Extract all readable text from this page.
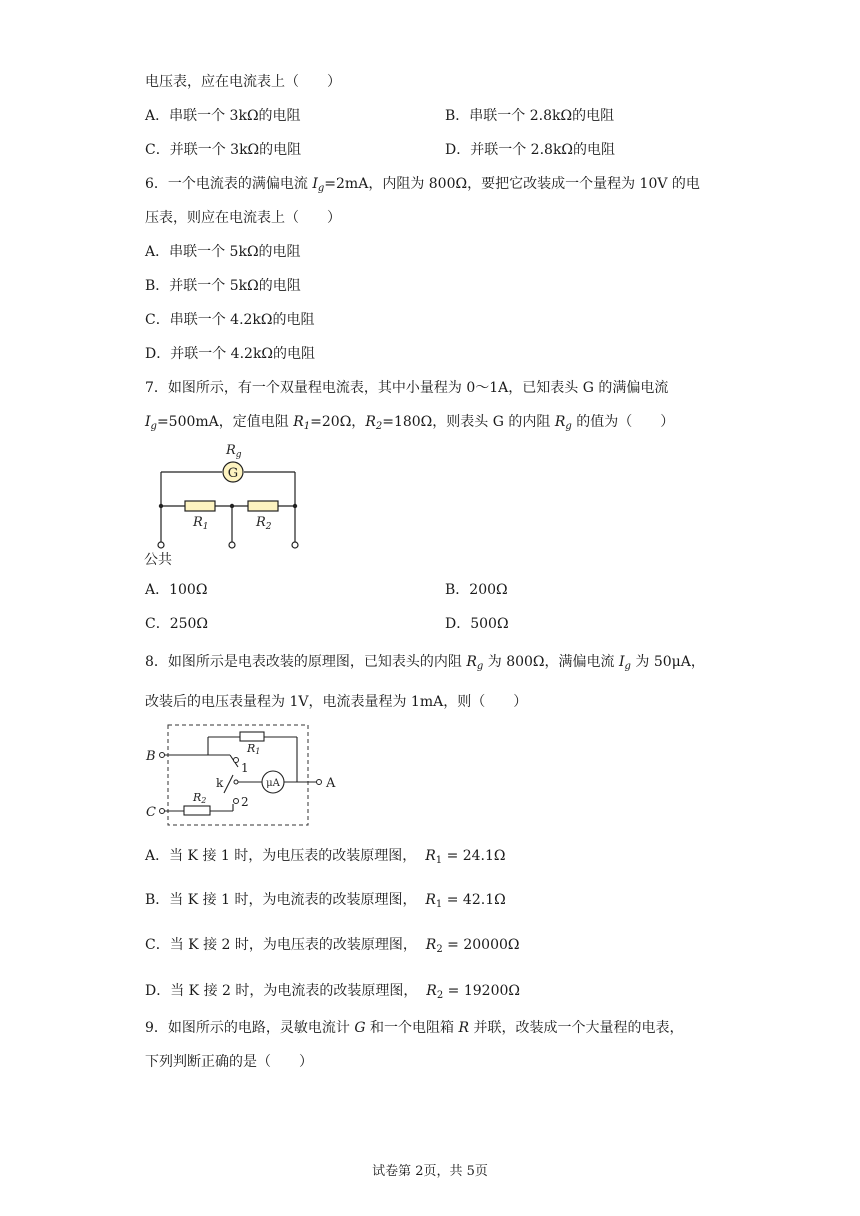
电压表，应在电流表上（　　）
A．串联一个 3kΩ的电阻	B．串联一个 2.8kΩ的电阻
C．并联一个 3kΩ的电阻	D．并联一个 2.8kΩ的电阻
6．一个电流表的满偏电流 $I_g=2mA$，内阻为 800Ω，要把它改装成一个量程为 10V 的电
压表，则应在电流表上（　　）
A．串联一个 5kΩ的电阻
B．并联一个 5kΩ的电阻
C．串联一个 4.2kΩ的电阻
D．并联一个 4.2kΩ的电阻
7．如图所示，有一个双量程电流表，其中小量程为 0～1A，已知表头 G 的满偏电流
$I_g=500mA$，定值电阻 $R_1=20\Omega$，$R_2=180\Omega$，则表头 G 的内阻 $R_g$ 的值为（　　）
G
$R_g$
$R_1$	$R_2$
公共
A．100Ω	B．200Ω
C．250Ω	D．500Ω
8．如图所示是电表改装的原理图，已知表头的内阻 $R_g$ 为 800Ω，满偏电流 $I_g$ 为 50μA，
改装后的电压表量程为 1V，电流表量程为 1mA，则（　　）
R1
R2
μA
B
C
A
k
1
2
A．当 K 接 1 时，为电压表的改装原理图， $R_1 = 24.1\Omega$
B．当 K 接 1 时，为电流表的改装原理图， $R_1 = 42.1\Omega$
C．当 K 接 2 时，为电压表的改装原理图， $R_2 = 20000\Omega$
D．当 K 接 2 时，为电流表的改装原理图， $R_2 = 19200\Omega$
9．如图所示的电路，灵敏电流计 G 和一个电阻箱 R 并联，改装成一个大量程的电表，
下列判断正确的是（　　）
试卷第 2页，共 5页
